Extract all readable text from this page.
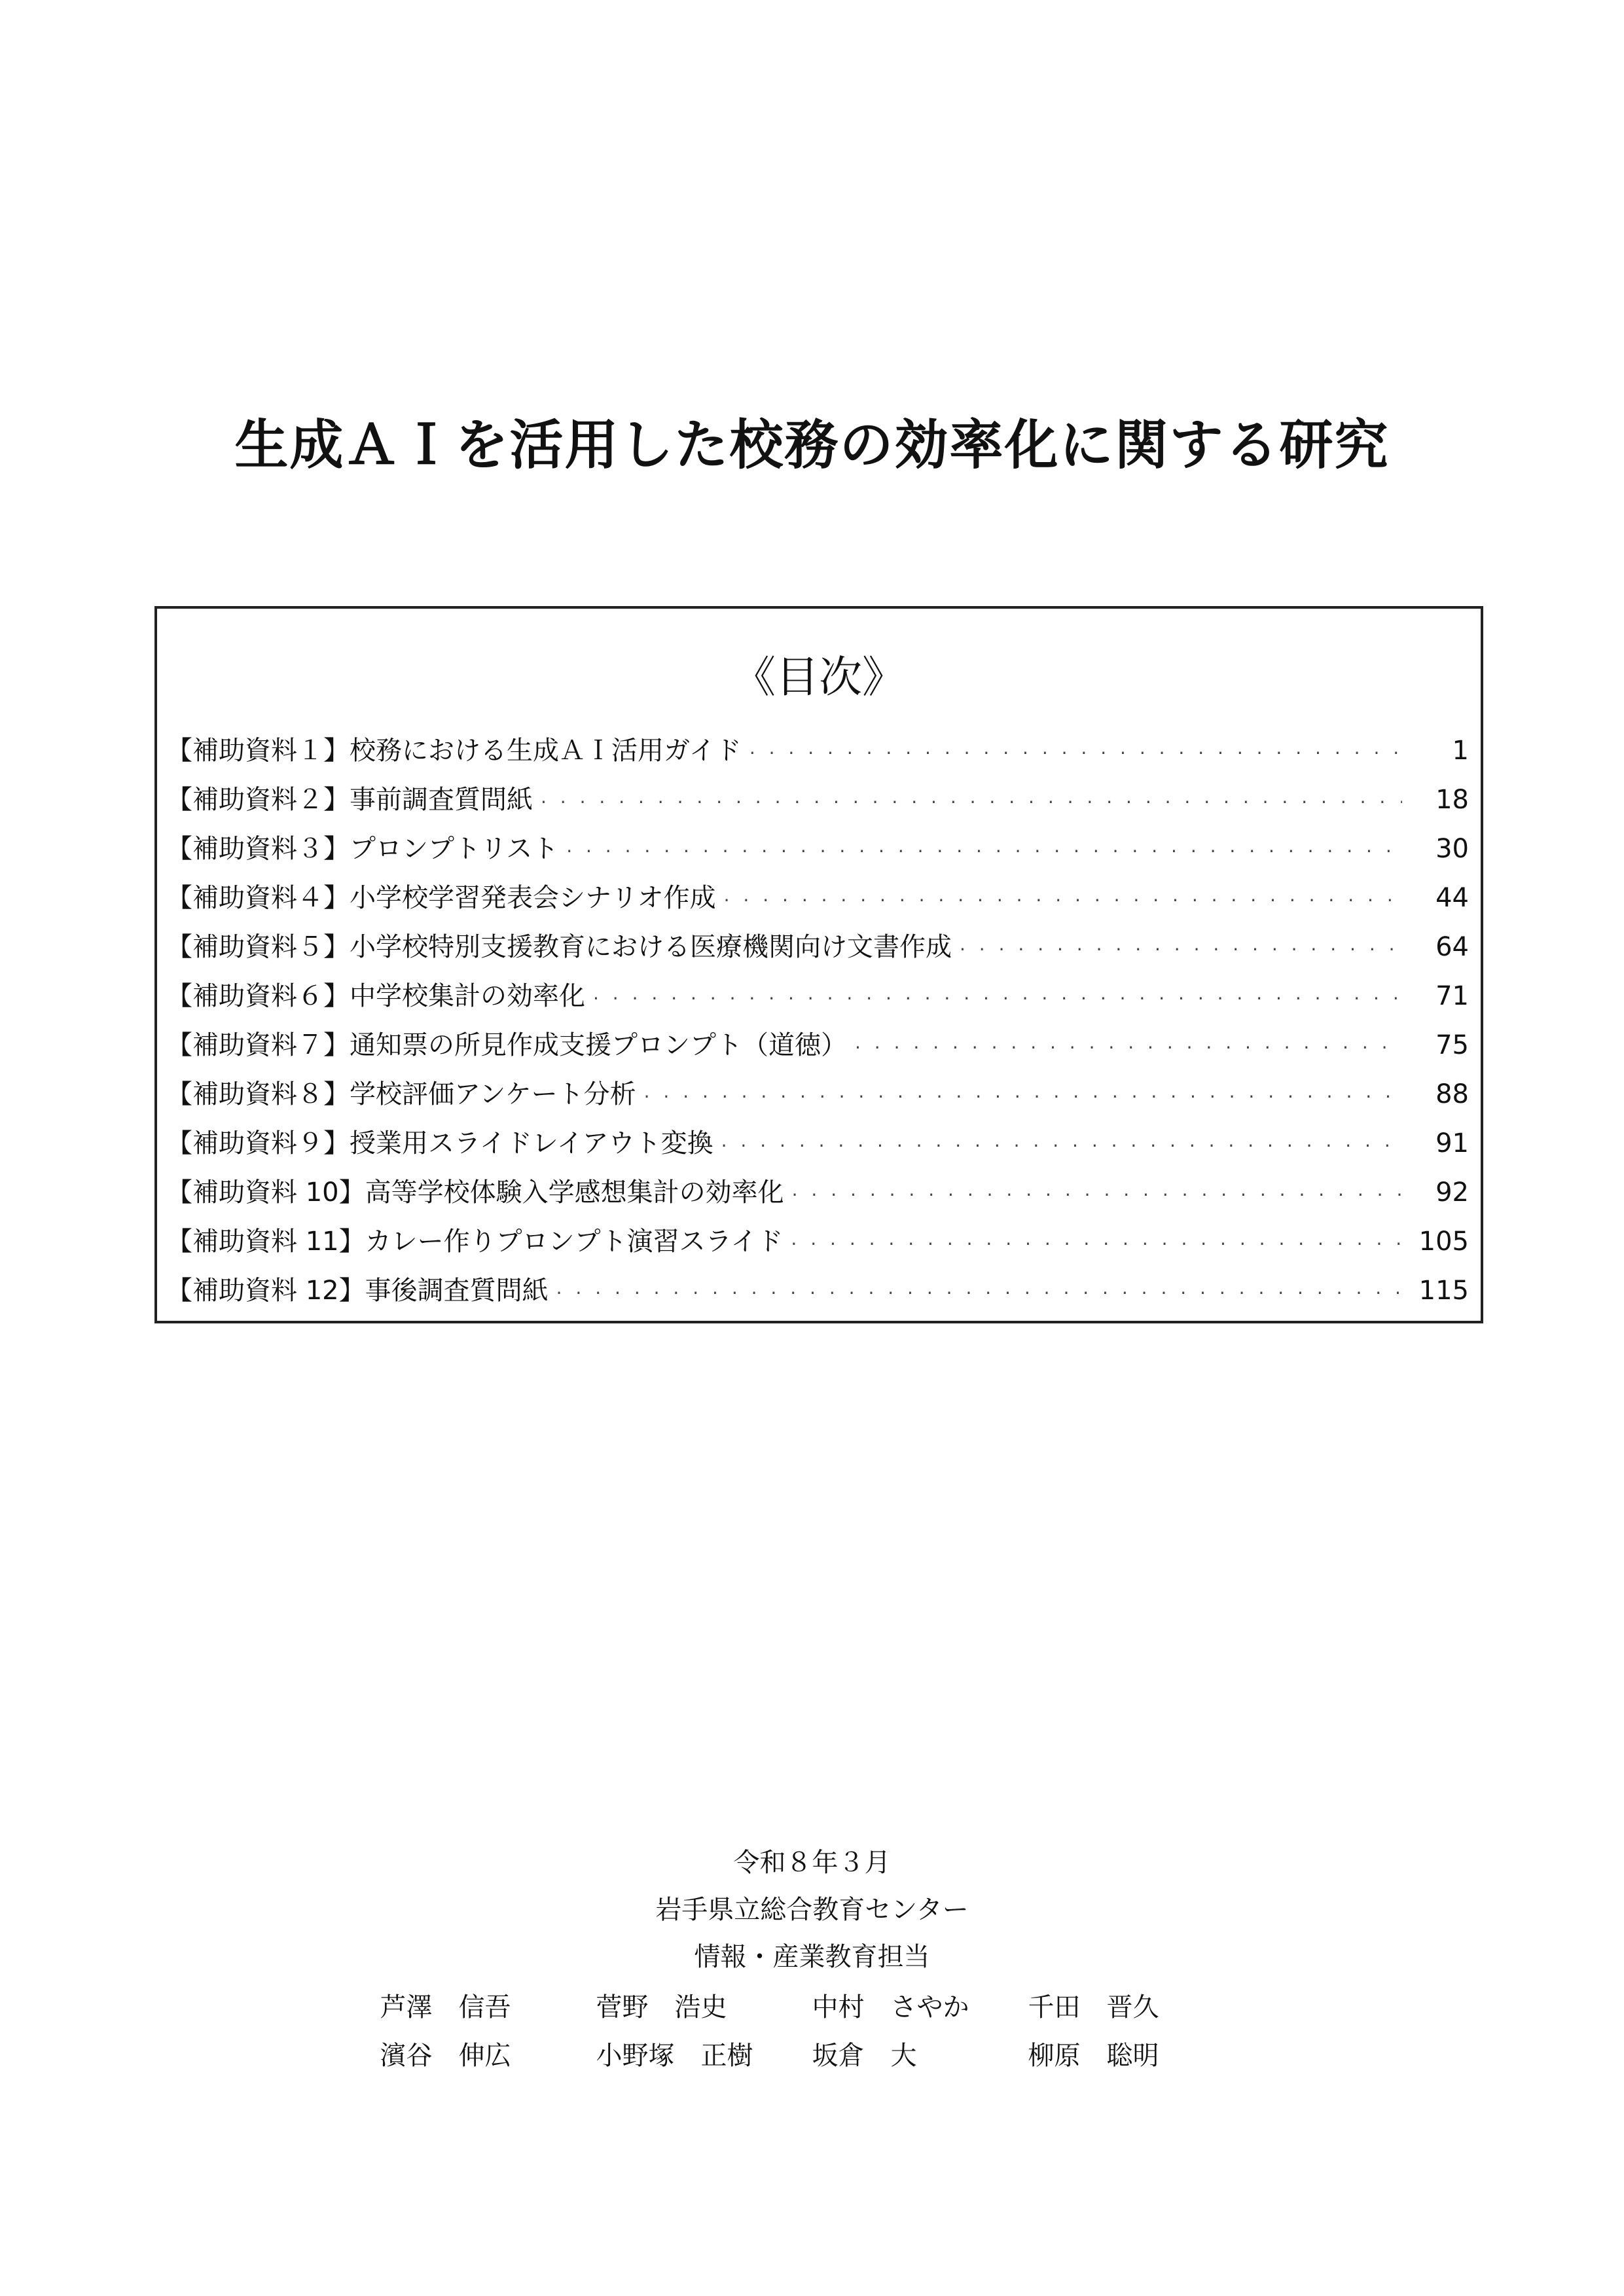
生成ＡＩを活用した校務の効率化に関する研究
《目次》
【補助資料１】校務における生成ＡＩ活用ガイド · · ·	1
【補助資料２】事前調査質問紙 · · ·	18
【補助資料３】プロンプトリスト · · ·	30
【補助資料４】小学校学習発表会シナリオ作成 · · ·	44
【補助資料５】小学校特別支援教育における医療機関向け文書作成 · · ·	64
【補助資料６】中学校集計の効率化 · · ·	71
【補助資料７】通知票の所見作成支援プロンプト（道徳） · · ·	75
【補助資料８】学校評価アンケート分析 · · ·	88
【補助資料９】授業用スライドレイアウト変換 · · ·	91
【補助資料 10】高等学校体験入学感想集計の効率化 · · ·	92
【補助資料 11】カレー作りプロンプト演習スライド · · ·	105
【補助資料 12】事後調査質問紙 · · ·	115
令和８年３月
岩手県立総合教育センター
情報・産業教育担当
芦澤　信吾	菅野　浩史	中村　さやか	千田　晋久
濱谷　伸広	小野塚　正樹	坂倉　大	柳原　聡明
